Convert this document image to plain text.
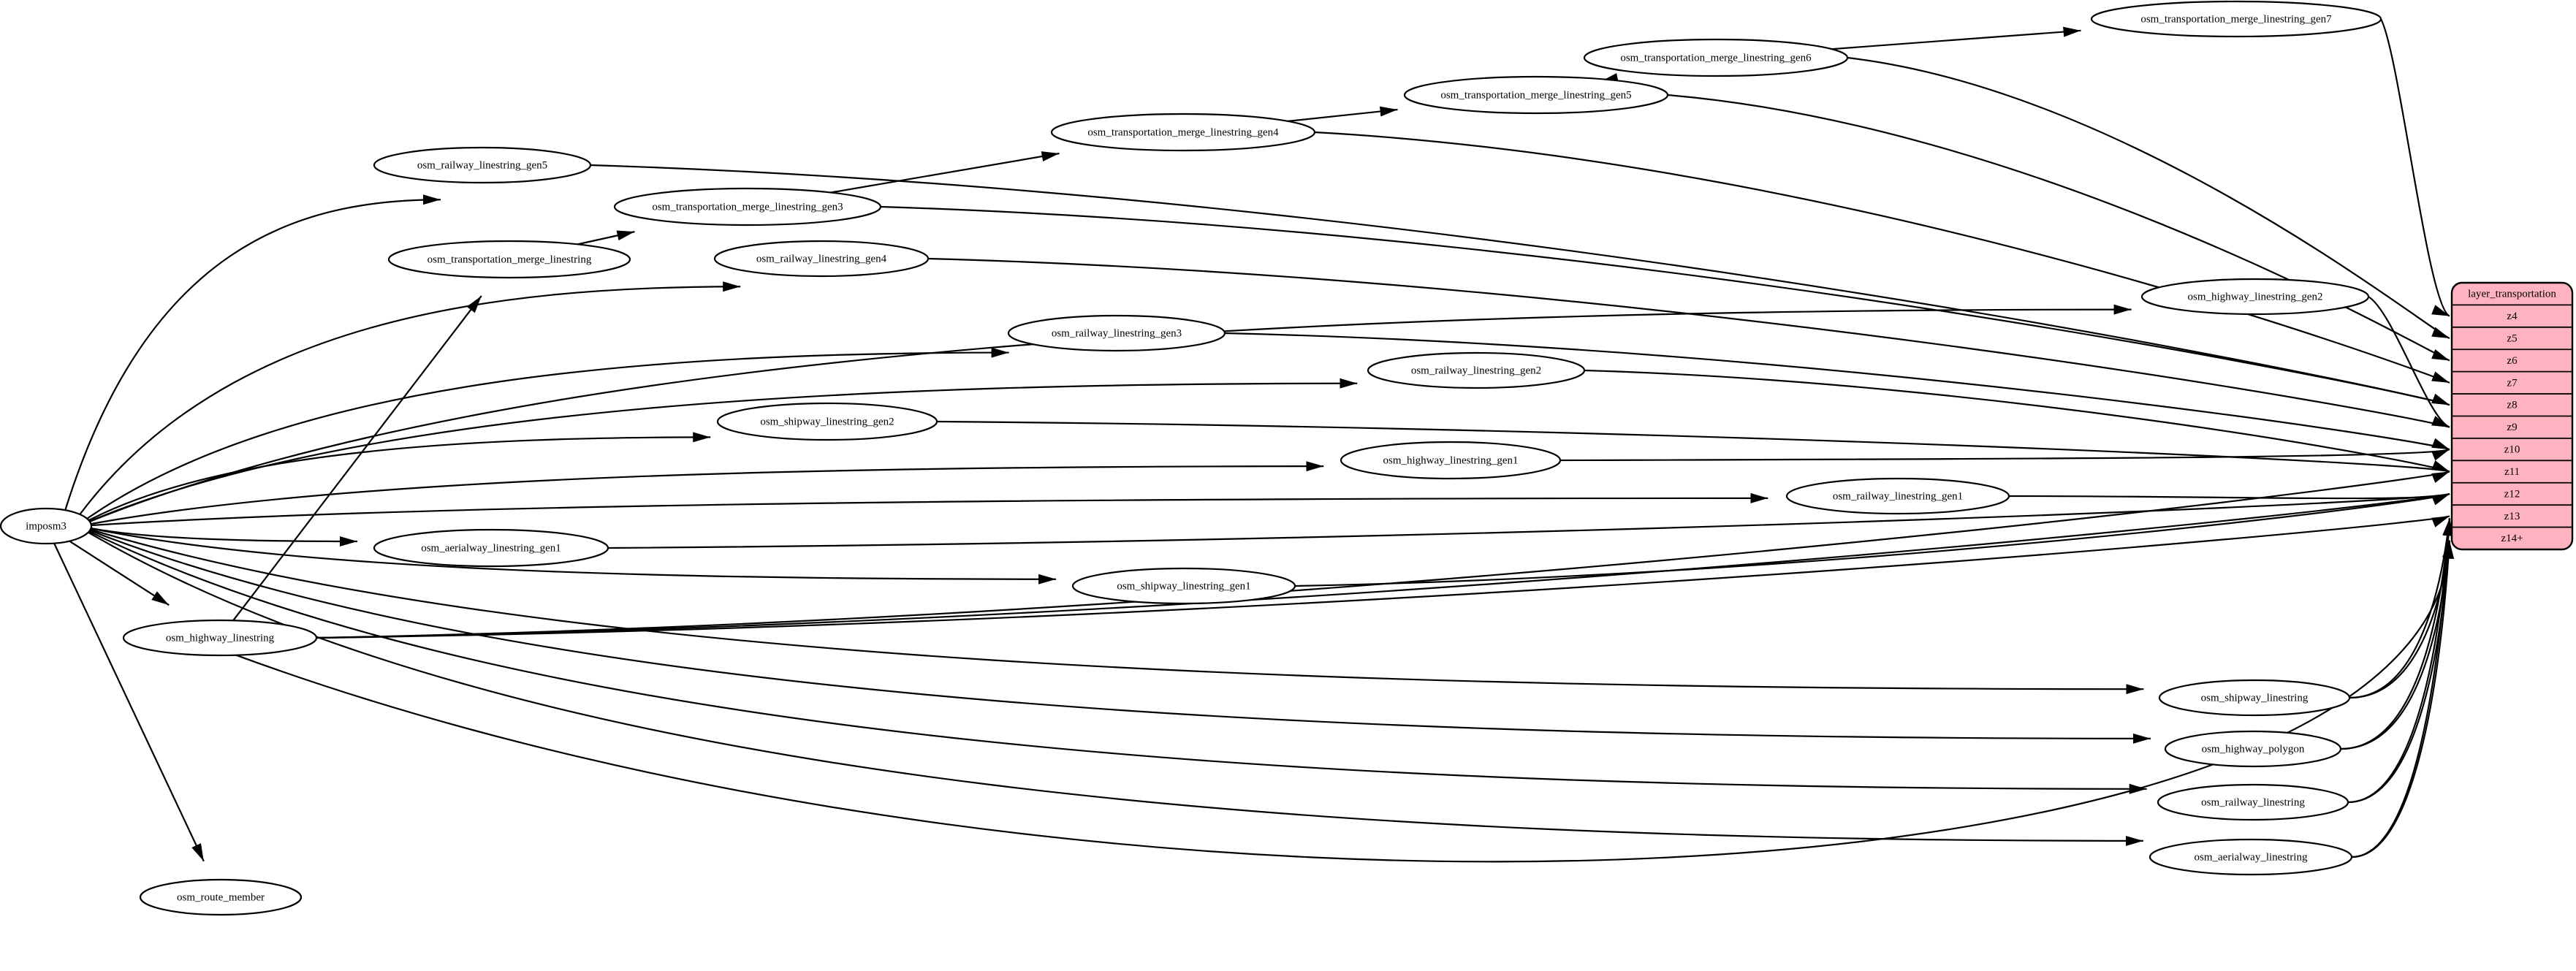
imposm3
osm_railway_linestring_gen5
osm_transportation_merge_linestring_gen3
osm_transportation_merge_linestring	osm_railway_linestring_gen4
osm_transportation_merge_linestring_gen4
osm_transportation_merge_linestring_gen5
osm_transportation_merge_linestring_gen6
osm_transportation_merge_linestring_gen7
osm_railway_linestring_gen3
osm_railway_linestring_gen2
osm_shipway_linestring_gen2
osm_highway_linestring_gen1
osm_railway_linestring_gen1
osm_highway_linestring_gen2
osm_aerialway_linestring_gen1
osm_shipway_linestring_gen1
osm_highway_linestring
osm_shipway_linestring
osm_highway_polygon
osm_railway_linestring
osm_aerialway_linestring
osm_route_member
layer_transportation
z4
z5
z6
z7
z8
z9
z10
z11
z12
z13
z14+
